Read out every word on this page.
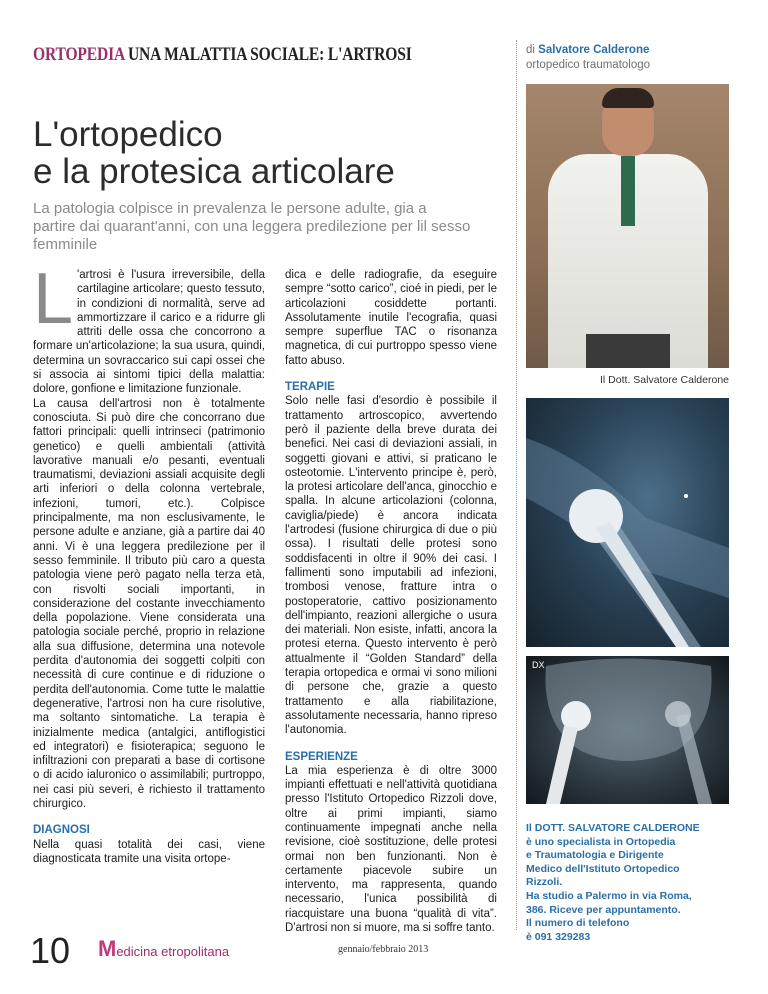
ORTOPEDIA UNA MALATTIA SOCIALE: L'ARTROSI	di Salvatore Calderone
ortopedico traumatologo
L'ortopedico
e la protesica articolare
La patologia colpisce in prevalenza le persone adulte, gia a partire dai quarant'anni, con una leggera predilezione per lil sesso femminile

L 'artrosi è l'usura irreversibile, della cartilagine articolare; questo tessuto, in condizioni di normalità, serve ad ammortizzare il carico e a ridurre gli attriti delle ossa che concorrono a formare un'articolazione; la sua usura, quindi, determina un sovraccarico sui capi ossei che si associa ai sintomi tipici della malattia: dolore, gonfione e limitazione funzionale.

La causa dell'artrosi non è totalmente conosciuta. Si può dire che concorrano due fattori principali: quelli intrinseci (patrimonio genetico) e quelli ambientali (attività lavorative manuali e/o pesanti, eventuali traumatismi, deviazioni assiali acquisite degli arti inferiori o della colonna vertebrale, infezioni, tumori, etc.). Colpisce principalmente, ma non esclusivamente, le persone adulte e anziane, già a partire dai 40 anni. Vi è una leggera predilezione per il sesso femminile. Il tributo più caro a questa patologia viene però pagato nella terza età, con risvolti sociali importanti, in considerazione del costante invecchiamento della popolazione. Viene considerata una patologia sociale perché, proprio in relazione alla sua diffusione, determina una notevole perdita d'autonomia dei soggetti colpiti con necessità di cure continue e di riduzione o perdita dell'autonomia. Come tutte le malattie degenerative, l'artrosi non ha cure risolutive, ma soltanto sintomatiche. La terapia è inizialmente medica (antalgici, antiflogistici ed integratori) e fisioterapica; seguono le infiltrazioni con preparati a base di cortisone o di acido ialuronico o assimilabili; purtroppo, nei casi più severi, è richiesto il trattamento chirurgico.

DIAGNOSI

Nella quasi totalità dei casi, viene diagnosticata tramite una visita ortope-

dica e delle radiografie, da eseguire sempre “sotto carico”, cioé in piedi, per le articolazioni cosiddette portanti. Assolutamente inutile l'ecografia, quasi sempre superflue TAC o risonanza magnetica, di cui purtroppo spesso viene fatto abuso.

TERAPIE

Solo nelle fasi d'esordio è possibile il trattamento artroscopico, avvertendo però il paziente della breve durata dei benefici. Nei casi di deviazioni assiali, in soggetti giovani e attivi, si praticano le osteotomie. L'intervento principe è, però, la protesi articolare dell'anca, ginocchio e spalla. In alcune articolazioni (colonna, caviglia/piede) è ancora indicata l'artrodesi (fusione chirurgica di due o più ossa). I risultati delle protesi sono soddisfacenti in oltre il 90% dei casi. I fallimenti sono imputabili ad infezioni, trombosi venose, fratture intra o postoperatorie, cattivo posizionamento dell'impianto, reazioni allergiche o usura dei materiali. Non esiste, infatti, ancora la protesi eterna. Questo intervento è però attualmente il “Golden Standard” della terapia ortopedica e ormai vi sono milioni di persone che, grazie a questo trattamento e alla riabilitazione, assolutamente necessaria, hanno ripreso l'autonomia.

ESPERIENZE

La mia esperienza è di oltre 3000 impianti effettuati e nell'attività quotidiana presso l'Istituto Ortopedico Rizzoli dove, oltre ai primi impianti, siamo continuamente impegnati anche nella revisione, cioè sostituzione, delle protesi ormai non ben funzionanti. Non è certamente piacevole subire un intervento, ma rappresenta, quando necessario, l'unica possibilità di riacquistare una buona “qualità di vita”. D'artrosi non si muore, ma si soffre tanto.

Il Dott. Salvatore Calderone
DX
Il DOTT. SALVATORE CALDERONE
è uno specialista in Ortopedia
e Traumatologia e Dirigente
Medico dell'Istituto Ortopedico
Rizzoli.
Ha studio a Palermo in via Roma,
386. Riceve per appuntamento.
Il numero di telefono
è 091 329283
10 Medicina etropolitana	gennaio/febbraio 2013
